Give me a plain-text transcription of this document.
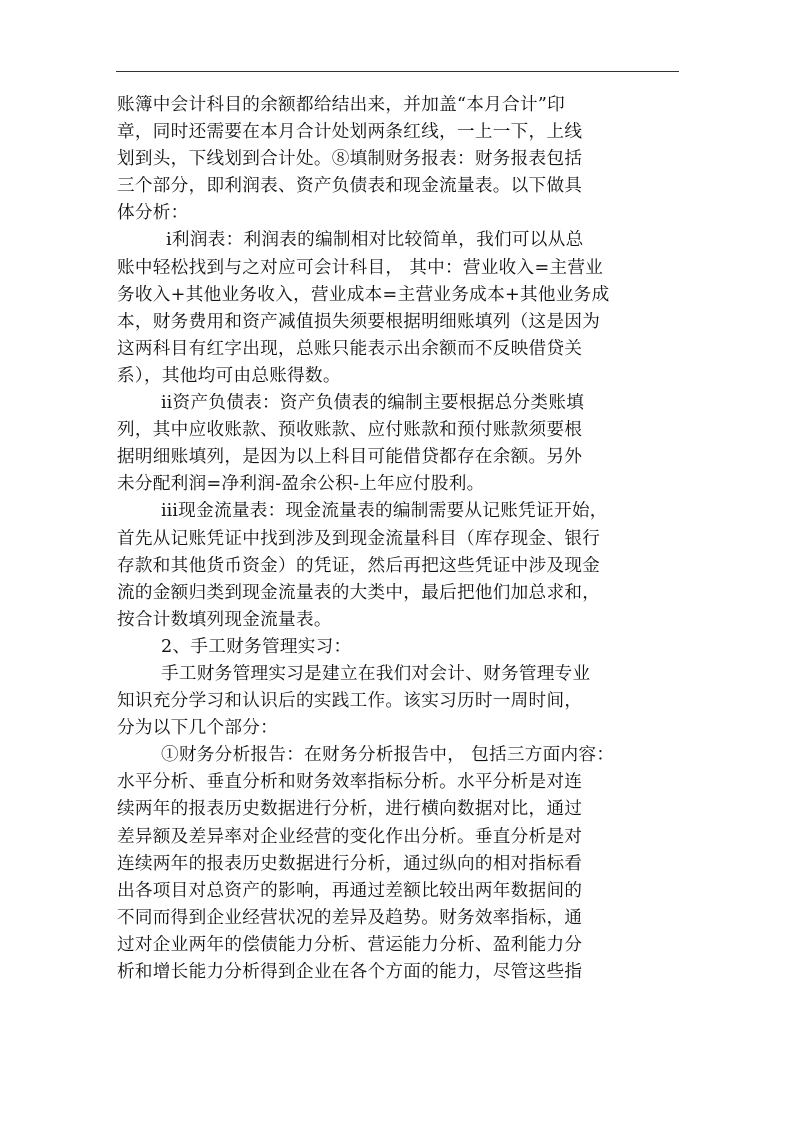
账簿中会计科目的余额都给结出来，并加盖“本月合计”印
章，同时还需要在本月合计处划两条红线，一上一下，上线
划到头，下线划到合计处。⑧填制财务报表：财务报表包括
三个部分，即利润表、资产负债表和现金流量表。以下做具
体分析：
ⅰ利润表：利润表的编制相对比较简单，我们可以从总
账中轻松找到与之对应可会计科目， 其中：营业收入=主营业
务收入+其他业务收入，营业成本=主营业务成本+其他业务成
本，财务费用和资产减值损失须要根据明细账填列（这是因为
这两科目有红字出现，总账只能表示出余额而不反映借贷关
系），其他均可由总账得数。
ⅱ资产负债表：资产负债表的编制主要根据总分类账填
列，其中应收账款、预收账款、应付账款和预付账款须要根
据明细账填列，是因为以上科目可能借贷都存在余额。另外
未分配利润=净利润-盈余公积-上年应付股利。
ⅲ现金流量表：现金流量表的编制需要从记账凭证开始，
首先从记账凭证中找到涉及到现金流量科目（库存现金、银行
存款和其他货币资金）的凭证，然后再把这些凭证中涉及现金
流的金额归类到现金流量表的大类中，最后把他们加总求和，
按合计数填列现金流量表。
2、手工财务管理实习：
手工财务管理实习是建立在我们对会计、财务管理专业
知识充分学习和认识后的实践工作。该实习历时一周时间，
分为以下几个部分：
①财务分析报告：在财务分析报告中， 包括三方面内容：
水平分析、垂直分析和财务效率指标分析。水平分析是对连
续两年的报表历史数据进行分析，进行横向数据对比，通过
差异额及差异率对企业经营的变化作出分析。垂直分析是对
连续两年的报表历史数据进行分析，通过纵向的相对指标看
出各项目对总资产的影响，再通过差额比较出两年数据间的
不同而得到企业经营状况的差异及趋势。财务效率指标，通
过对企业两年的偿债能力分析、营运能力分析、盈利能力分
析和增长能力分析得到企业在各个方面的能力，尽管这些指
